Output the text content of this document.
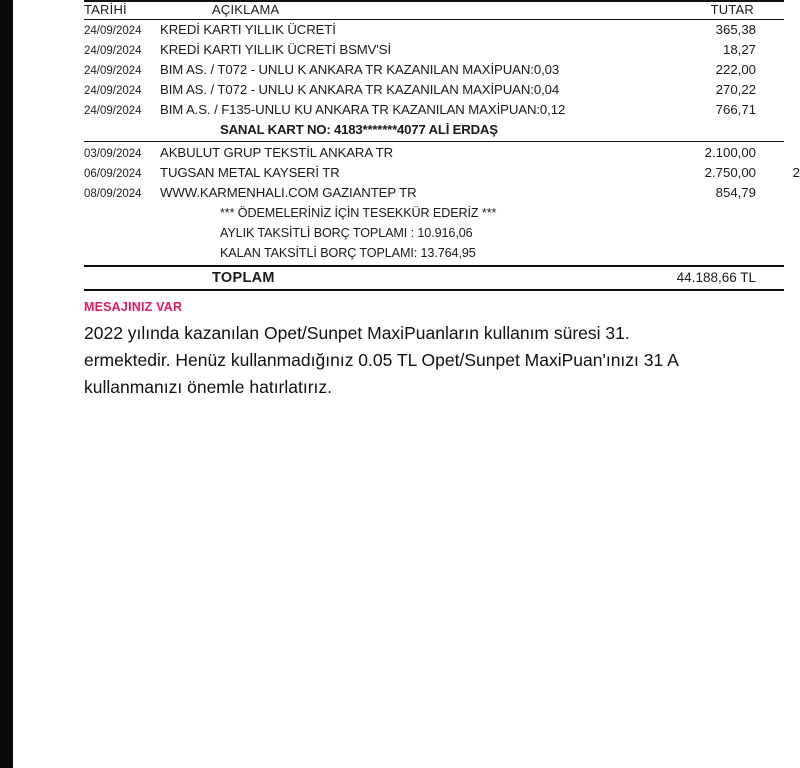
TARİHİ	AÇIKLAMA	TUTAR
24/09/2024	KREDİ KARTI YILLIK ÜCRETİ	365,38
24/09/2024	KREDİ KARTI YILLIK ÜCRETİ BSMV'Sİ	18,27
24/09/2024	BIM AS. / T072 - UNLU K ANKARA TR KAZANILAN MAXİPUAN:0,03	222,00
24/09/2024	BIM AS. / T072 - UNLU K ANKARA TR KAZANILAN MAXİPUAN:0,04	270,22
24/09/2024	BIM A.S. / F135-UNLU KU ANKARA TR KAZANILAN MAXİPUAN:0,12	766,71
SANAL KART NO: 4183*******4077 ALİ ERDAŞ
03/09/2024	AKBULUT GRUP TEKSTİL ANKARA TR	2.100,00
06/09/2024	TUGSAN METAL KAYSERİ TR	2.750,00	2
08/09/2024	WWW.KARMENHALI.COM GAZIANTEP TR	854,79
*** ÖDEMELERİNİZ İÇİN TESEKKÜR EDERİZ ***
AYLIK TAKSİTLİ BORÇ TOPLAMI : 10.916,06
KALAN TAKSİTLİ BORÇ TOPLAMI: 13.764,95
TOPLAM	44.188,66 TL
MESAJINIZ VAR
2022 yılında kazanılan Opet/Sunpet MaxiPuanların kullanım süresi 31.
ermektedir. Henüz kullanmadığınız 0.05 TL Opet/Sunpet MaxiPuan'ınızı 31 A
kullanmanızı önemle hatırlatırız.
